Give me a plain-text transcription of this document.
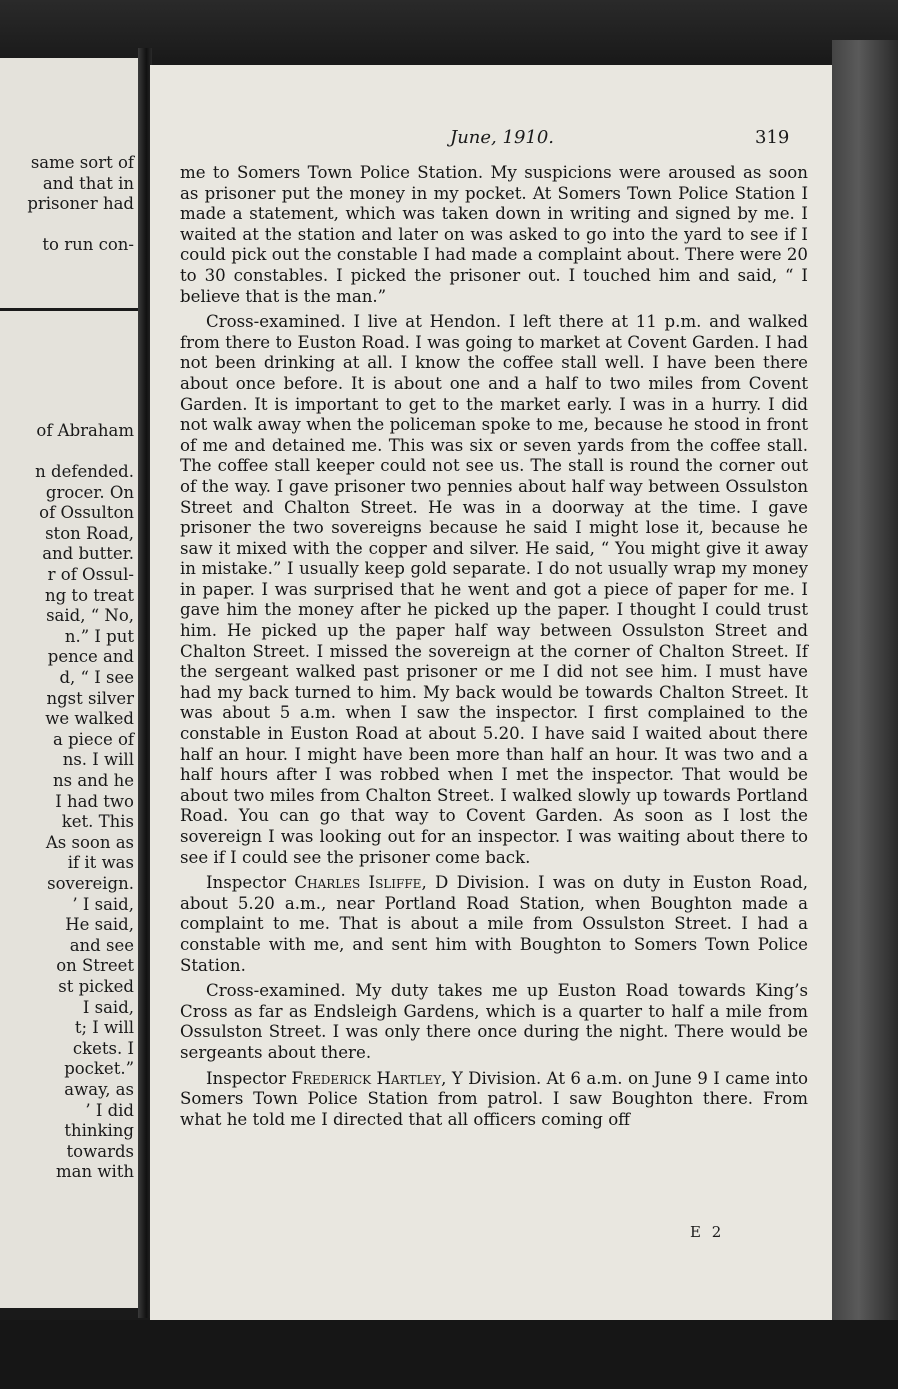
same sort of
and that in
prisoner had
to run con-
of Abraham
n defended.
grocer. On
of Ossulton
ston Road,
and butter.
r of Ossul-
ng to treat
said, “ No,
n.” I put
pence and
d, “ I see
ngst silver
we walked
a piece of
ns. I will
ns and he
I had two
ket. This
As soon as
if it was
sovereign.
’ I said,
He said,
and see
on Street
st picked
I said,
t; I will
ckets. I
pocket.”
away, as
’ I did
thinking
towards
man with
June, 1910.	319

me to Somers Town Police Station. My suspicions were aroused as soon as prisoner put the money in my pocket. At Somers Town Police Station I made a statement, which was taken down in writing and signed by me. I waited at the station and later on was asked to go into the yard to see if I could pick out the constable I had made a complaint about. There were 20 to 30 constables. I picked the prisoner out. I touched him and said, “ I believe that is the man.”

Cross-examined. I live at Hendon. I left there at 11 p.m. and walked from there to Euston Road. I was going to market at Covent Garden. I had not been drinking at all. I know the coffee stall well. I have been there about once before. It is about one and a half to two miles from Covent Garden. It is important to get to the market early. I was in a hurry. I did not walk away when the policeman spoke to me, because he stood in front of me and detained me. This was six or seven yards from the coffee stall. The coffee stall keeper could not see us. The stall is round the corner out of the way. I gave prisoner two pennies about half way between Ossulston Street and Chalton Street. He was in a doorway at the time. I gave prisoner the two sovereigns because he said I might lose it, because he saw it mixed with the copper and silver. He said, “ You might give it away in mistake.” I usually keep gold separate. I do not usually wrap my money in paper. I was surprised that he went and got a piece of paper for me. I gave him the money after he picked up the paper. I thought I could trust him. He picked up the paper half way between Ossulston Street and Chalton Street. I missed the sovereign at the corner of Chalton Street. If the sergeant walked past prisoner or me I did not see him. I must have had my back turned to him. My back would be towards Chalton Street. It was about 5 a.m. when I saw the inspector. I first complained to the constable in Euston Road at about 5.20. I have said I waited about there half an hour. I might have been more than half an hour. It was two and a half hours after I was robbed when I met the inspector. That would be about two miles from Chalton Street. I walked slowly up towards Portland Road. You can go that way to Covent Garden. As soon as I lost the sovereign I was looking out for an inspector. I was waiting about there to see if I could see the prisoner come back.

Inspector Charles Isliffe, D Division. I was on duty in Euston Road, about 5.20 a.m., near Portland Road Station, when Boughton made a complaint to me. That is about a mile from Ossulston Street. I had a constable with me, and sent him with Boughton to Somers Town Police Station.

Cross-examined. My duty takes me up Euston Road towards King’s Cross as far as Endsleigh Gardens, which is a quarter to half a mile from Ossulston Street. I was only there once during the night. There would be sergeants about there.

Inspector Frederick Hartley, Y Division. At 6 a.m. on June 9 I came into Somers Town Police Station from patrol. I saw Boughton there. From what he told me I directed that all officers coming off

E 2
